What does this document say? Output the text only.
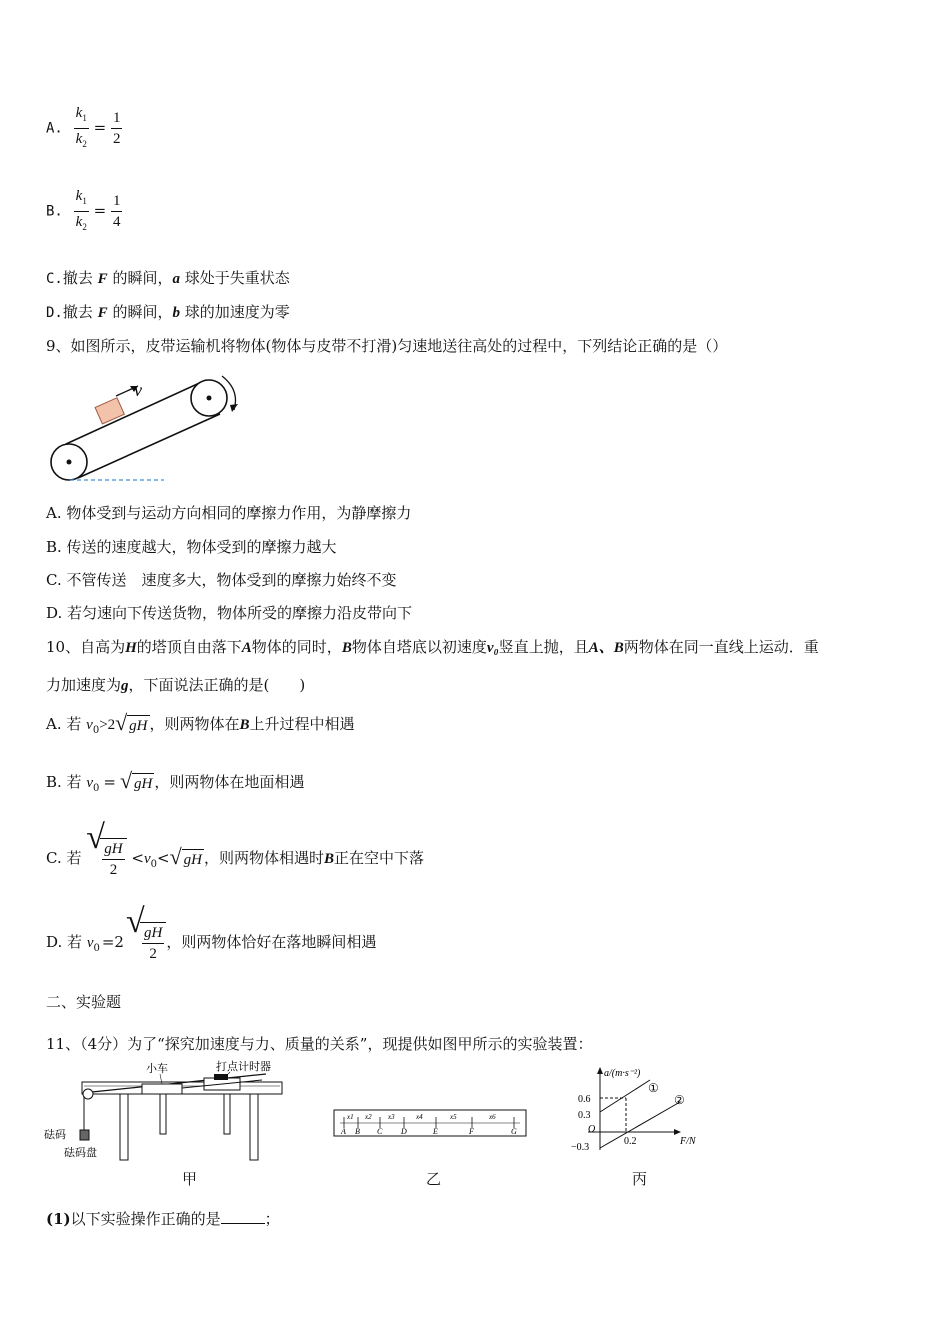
A. $\frac{k_1}{k_2} = \frac{1}{2}$
B. $\frac{k_1}{k_2} = \frac{1}{4}$
C.撤去 F 的瞬间，a 球处于失重状态
D.撤去 F 的瞬间，b 球的加速度为零
9、如图所示，皮带运输机将物体(物体与皮带不打滑)匀速地送往高处的过程中，下列结论正确的是（）
v
A. 物体受到与运动方向相同的摩擦力作用，为静摩擦力
B. 传送的速度越大，物体受到的摩擦力越大
C. 不管传送　速度多大，物体受到的摩擦力始终不变
D. 若匀速向下传送货物，物体所受的摩擦力沿皮带向下
10、自高为H的塔顶自由落下A物体的同时，B物体自塔底以初速度v₀竖直上抛，且A、B两物体在同一直线上运动．重
力加速度为g，下面说法正确的是(　　)
A. 若 $v_0>2$ √ gH ，则两物体在B上升过程中相遇
B. 若 $v_0$ = √ gH ，则两物体在地面相遇
C. 若
√
$\frac{gH}{2} <v_0<$ √ gH ，则两物体相遇时B正在空中下落
D. 若 $v_0 =2$
√
$\frac{gH}{2}$ ，则两物体恰好在落地瞬间相遇
二、实验题
11、（4分）为了“探究加速度与力、质量的关系”，现提供如图甲所示的实验装置：
小车	打点计时器
砝码
砝码盘
甲
A B C D	E	F	G
x1 x2 x3	x4	x5	x6
乙
a/(m·s⁻²)
F/N
0.6
0.3
O
−0.3
0.2
①
②
丙
(1)以下实验操作正确的是	；
